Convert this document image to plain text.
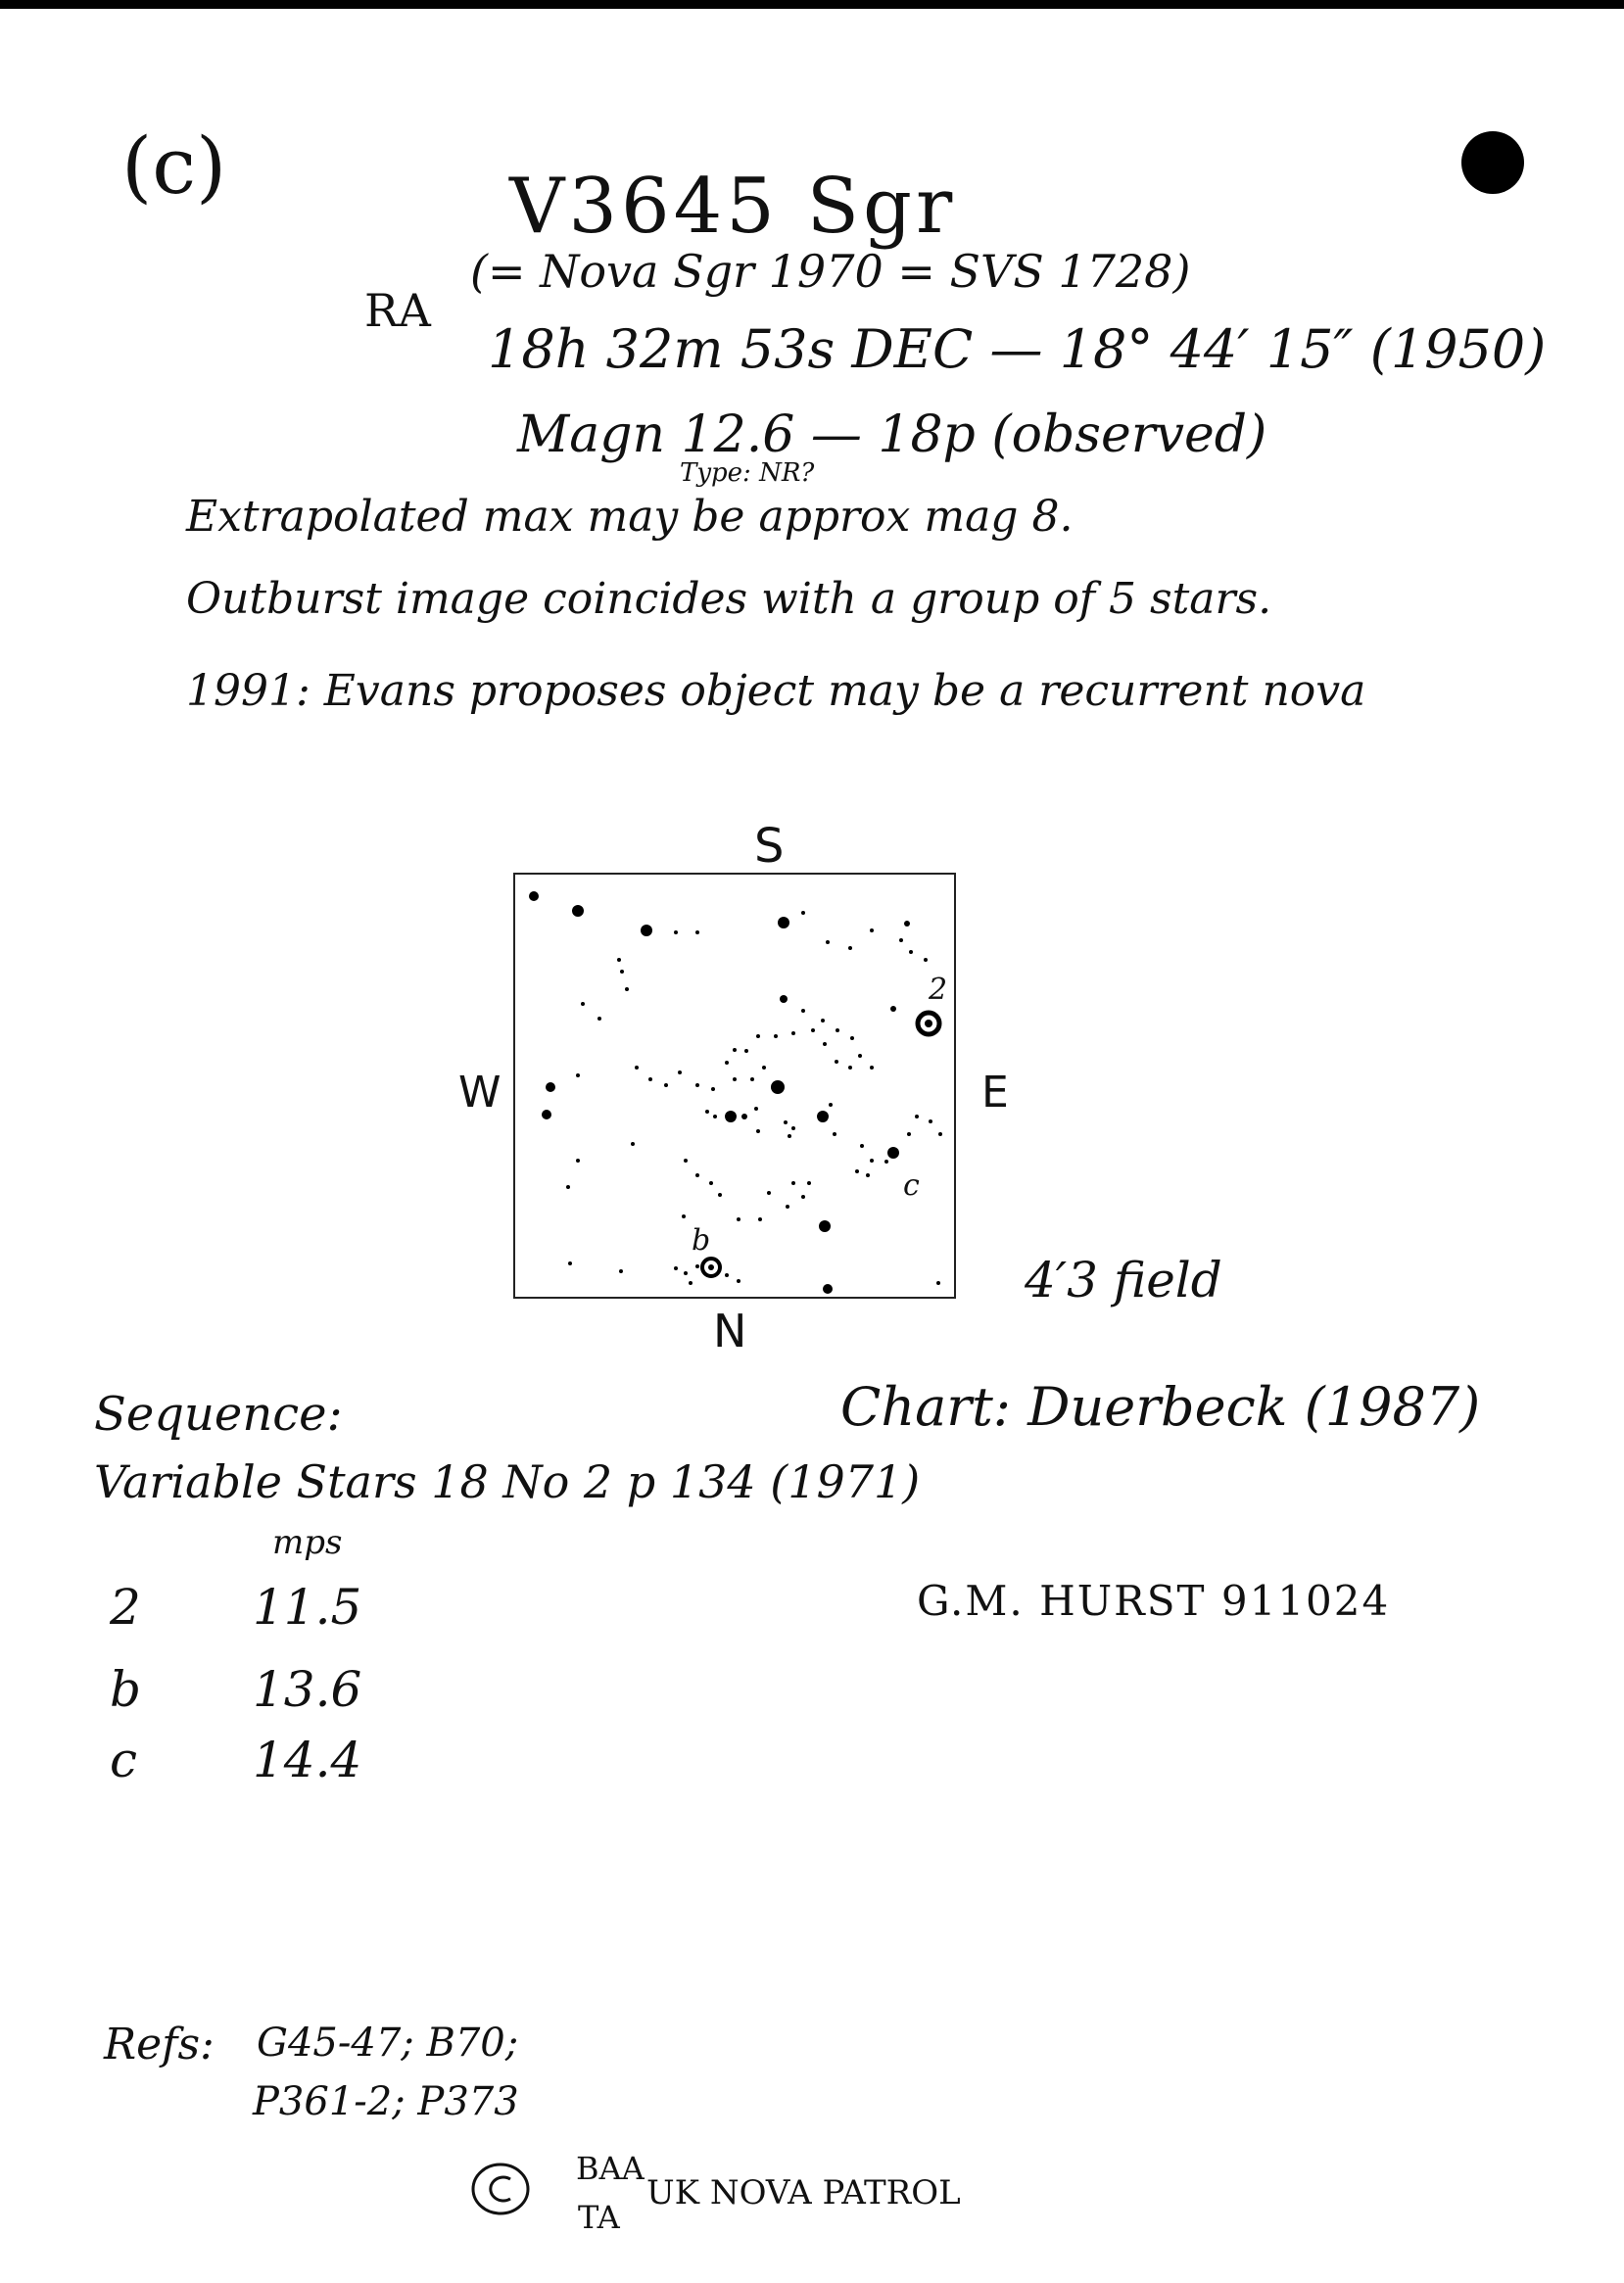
(c)	V3645 Sgr
(= Nova Sgr 1970 = SVS 1728)
RA
18h 32m 53s DEC — 18° 44′ 15″ (1950)
Magn 12.6 — 18p (observed)
Type: NR?
Extrapolated max may be approx mag 8.
Outburst image coincides with a group of 5 stars.
1991: Evans proposes object may be a recurrent nova
S
N
W	E
2
b
c
4′3 field
Sequence:	Chart: Duerbeck (1987)
Variable Stars 18 No 2 p 134 (1971)
mps
2 11.5
b 13.6
c 14.4
G.M. HURST 911024
Refs: G45-47; B70;
P361-2; P373
BAA
TA
UK NOVA PATROL
